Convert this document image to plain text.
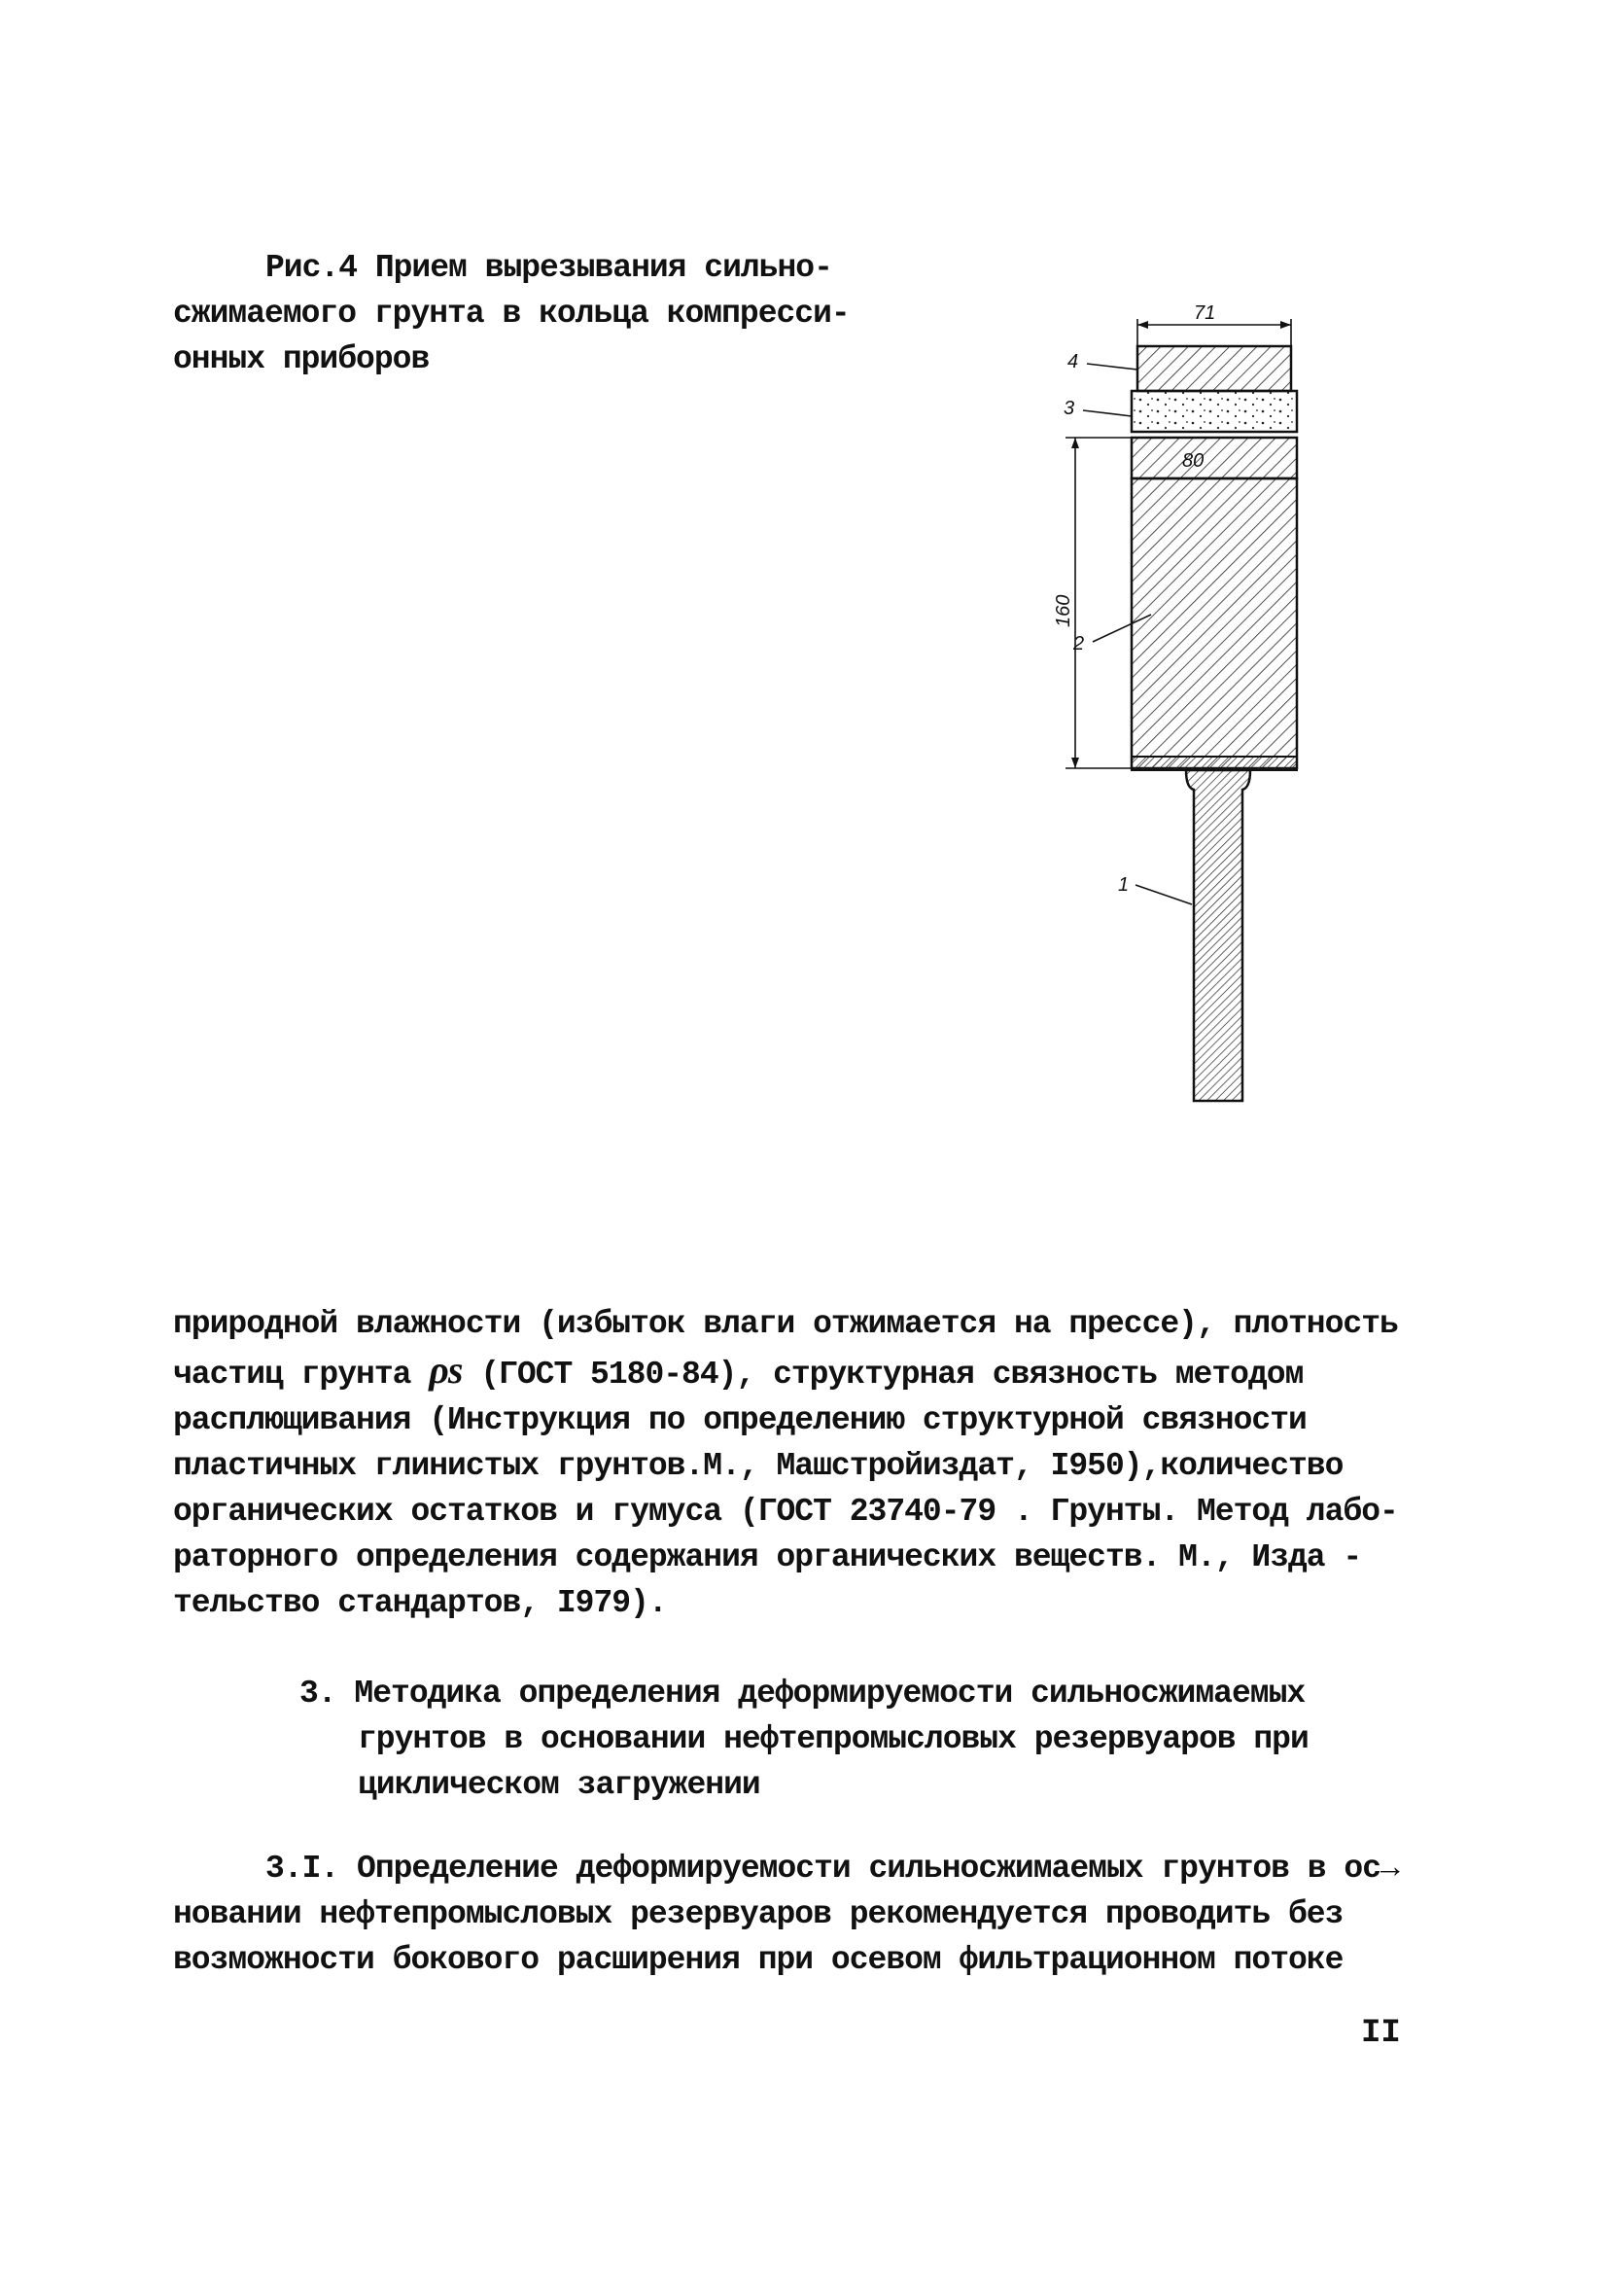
Рис.4 Прием вырезывания сильно-
сжимаемого грунта в кольца компресси-
онных приборов
71
4
3
80
160
2
1
природной влажности (избыток влаги отжимается на прессе), плотность
частиц грунта ρs (ГОСТ 5180-84), структурная связность методом
расплющивания (Инструкция по определению структурной связности
пластичных глинистых грунтов.М., Машстройиздат, I950),количество
органических остатков и гумуса (ГОСТ 23740-79 . Грунты. Метод лабо-
раторного определения содержания органических веществ. М., Изда -
тельство стандартов, I979).
3. Методика определения деформируемости сильносжимаемых
грунтов в основании нефтепромысловых резервуаров при
циклическом загружении
3.I. Определение деформируемости сильносжимаемых грунтов в ос→
новании нефтепромысловых резервуаров рекомендуется проводить без
возможности бокового расширения при осевом фильтрационном потоке
II
